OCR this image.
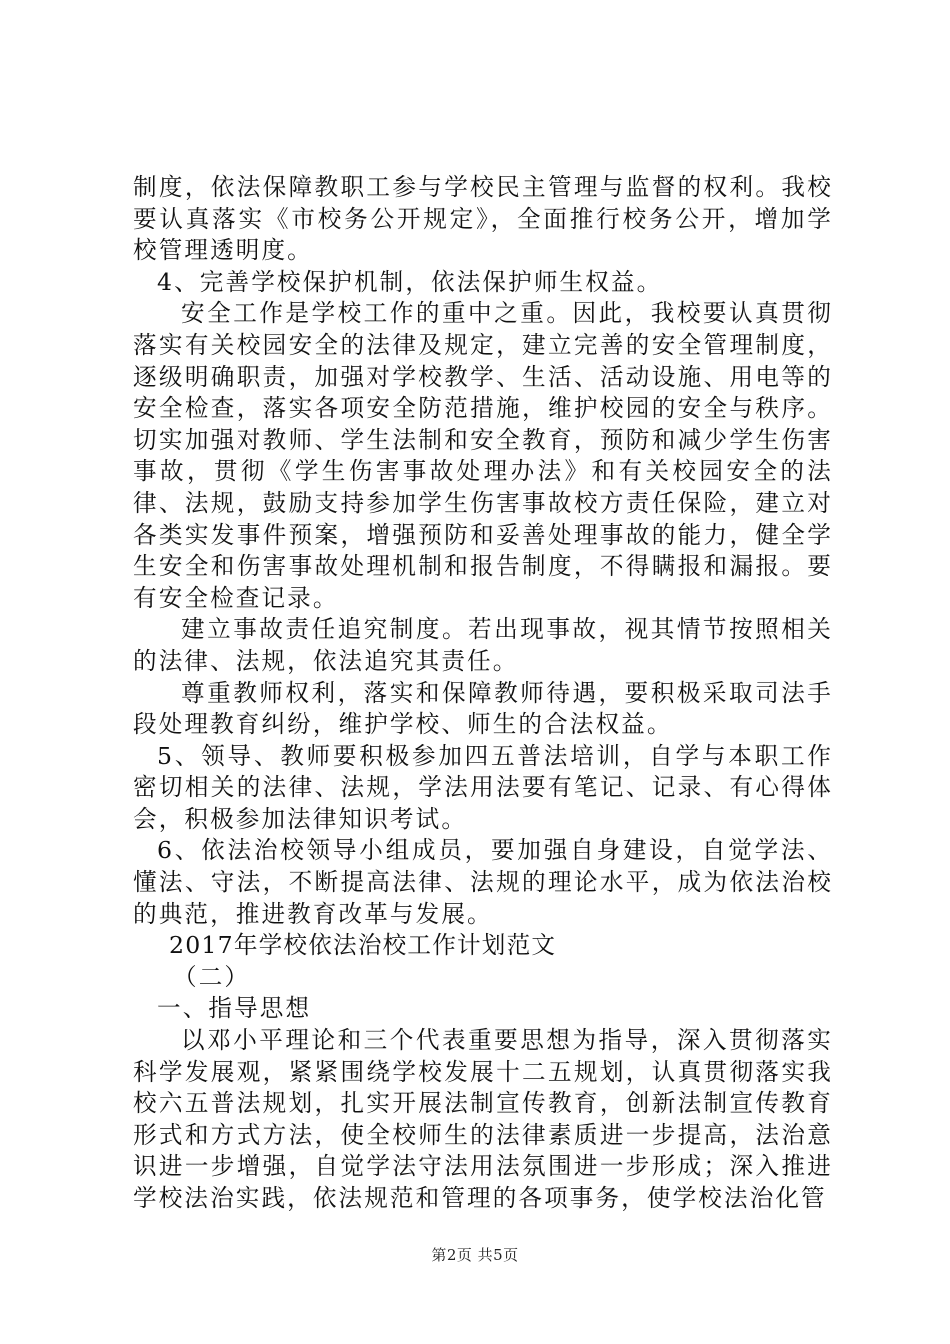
制度，依法保障教职工参与学校民主管理与监督的权利。我校要认真落实《市校务公开规定》，全面推行校务公开，增加学校管理透明度。

4、完善学校保护机制，依法保护师生权益。

安全工作是学校工作的重中之重。因此，我校要认真贯彻落实有关校园安全的法律及规定，建立完善的安全管理制度，逐级明确职责，加强对学校教学、生活、活动设施、用电等的安全检查，落实各项安全防范措施，维护校园的安全与秩序。切实加强对教师、学生法制和安全教育，预防和减少学生伤害事故，贯彻《学生伤害事故处理办法》和有关校园安全的法律、法规，鼓励支持参加学生伤害事故校方责任保险，建立对各类实发事件预案，增强预防和妥善处理事故的能力，健全学生安全和伤害事故处理机制和报告制度，不得瞒报和漏报。要有安全检查记录。

建立事故责任追究制度。若出现事故，视其情节按照相关的法律、法规，依法追究其责任。

尊重教师权利，落实和保障教师待遇，要积极采取司法手段处理教育纠纷，维护学校、师生的合法权益。

5、领导、教师要积极参加四五普法培训，自学与本职工作密切相关的法律、法规，学法用法要有笔记、记录、有心得体会，积极参加法律知识考试。

6、依法治校领导小组成员，要加强自身建设，自觉学法、懂法、守法，不断提高法律、法规的理论水平，成为依法治校的典范，推进教育改革与发展。

2017年学校依法治校工作计划范文

（二）

一、指导思想

以邓小平理论和三个代表重要思想为指导，深入贯彻落实科学发展观，紧紧围绕学校发展十二五规划，认真贯彻落实我校六五普法规划，扎实开展法制宣传教育，创新法制宣传教育形式和方式方法，使全校师生的法律素质进一步提高，法治意识进一步增强，自觉学法守法用法氛围进一步形成；深入推进学校法治实践，依法规范和管理的各项事务，使学校法治化管

第2页 共5页
